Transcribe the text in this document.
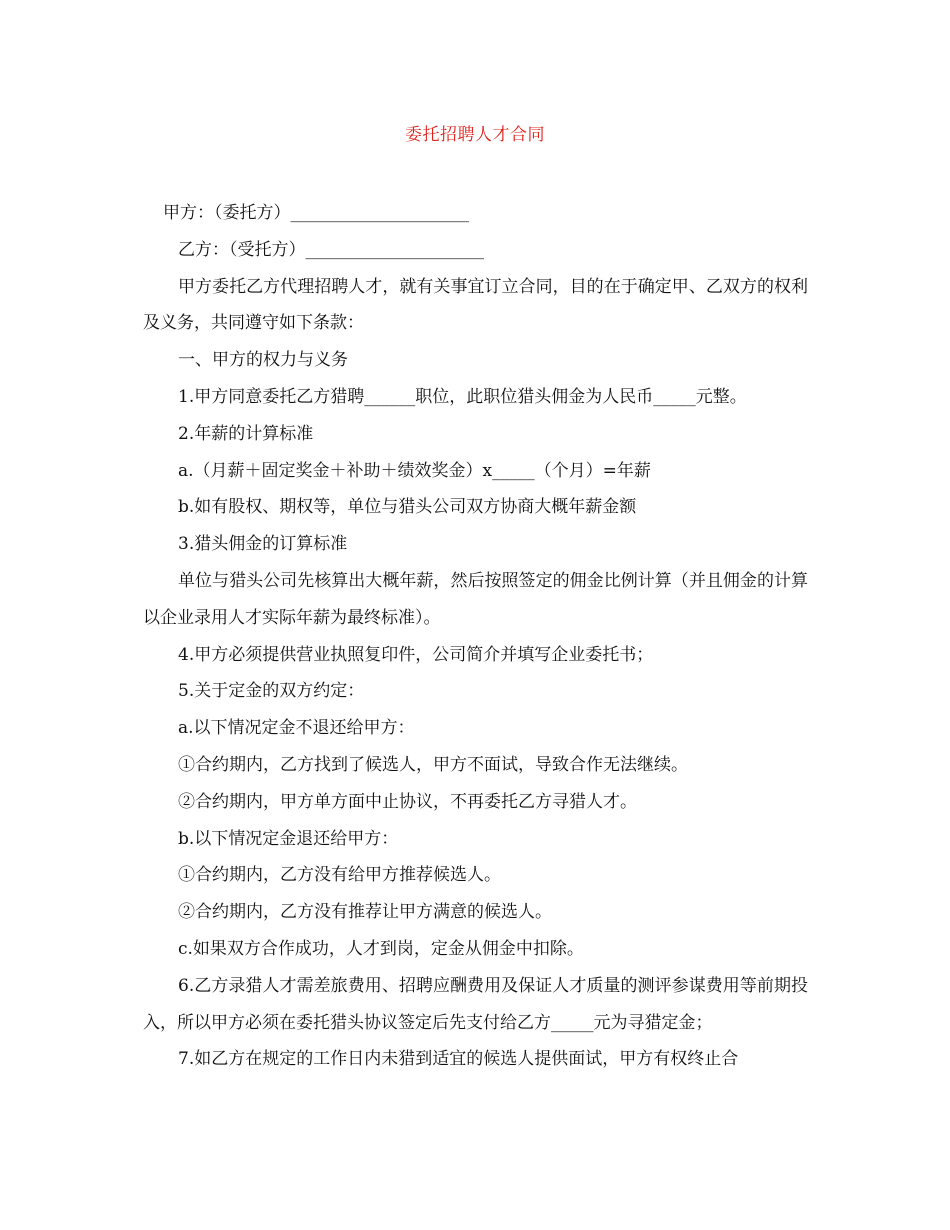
委托招聘人才合同

甲方：（委托方）_____________________

乙方：（受托方）_____________________

甲方委托乙方代理招聘人才，就有关事宜订立合同，目的在于确定甲、乙双方的权利及义务，共同遵守如下条款：

一、甲方的权力与义务

1.甲方同意委托乙方猎聘______职位，此职位猎头佣金为人民币_____元整。

2.年薪的计算标准

a.（月薪＋固定奖金＋补助＋绩效奖金）x_____（个月）=年薪

b.如有股权、期权等，单位与猎头公司双方协商大概年薪金额

3.猎头佣金的订算标准

单位与猎头公司先核算出大概年薪，然后按照签定的佣金比例计算（并且佣金的计算以企业录用人才实际年薪为最终标准）。

4.甲方必须提供营业执照复印件，公司简介并填写企业委托书；

5.关于定金的双方约定：

a.以下情况定金不退还给甲方：

①合约期内，乙方找到了候选人，甲方不面试，导致合作无法继续。

②合约期内，甲方单方面中止协议，不再委托乙方寻猎人才。

b.以下情况定金退还给甲方：

①合约期内，乙方没有给甲方推荐候选人。

②合约期内，乙方没有推荐让甲方满意的候选人。

c.如果双方合作成功，人才到岗，定金从佣金中扣除。

6.乙方录猎人才需差旅费用、招聘应酬费用及保证人才质量的测评参谋费用等前期投入，所以甲方必须在委托猎头协议签定后先支付给乙方_____元为寻猎定金；

7.如乙方在规定的工作日内未猎到适宜的候选人提供面试，甲方有权终止合
